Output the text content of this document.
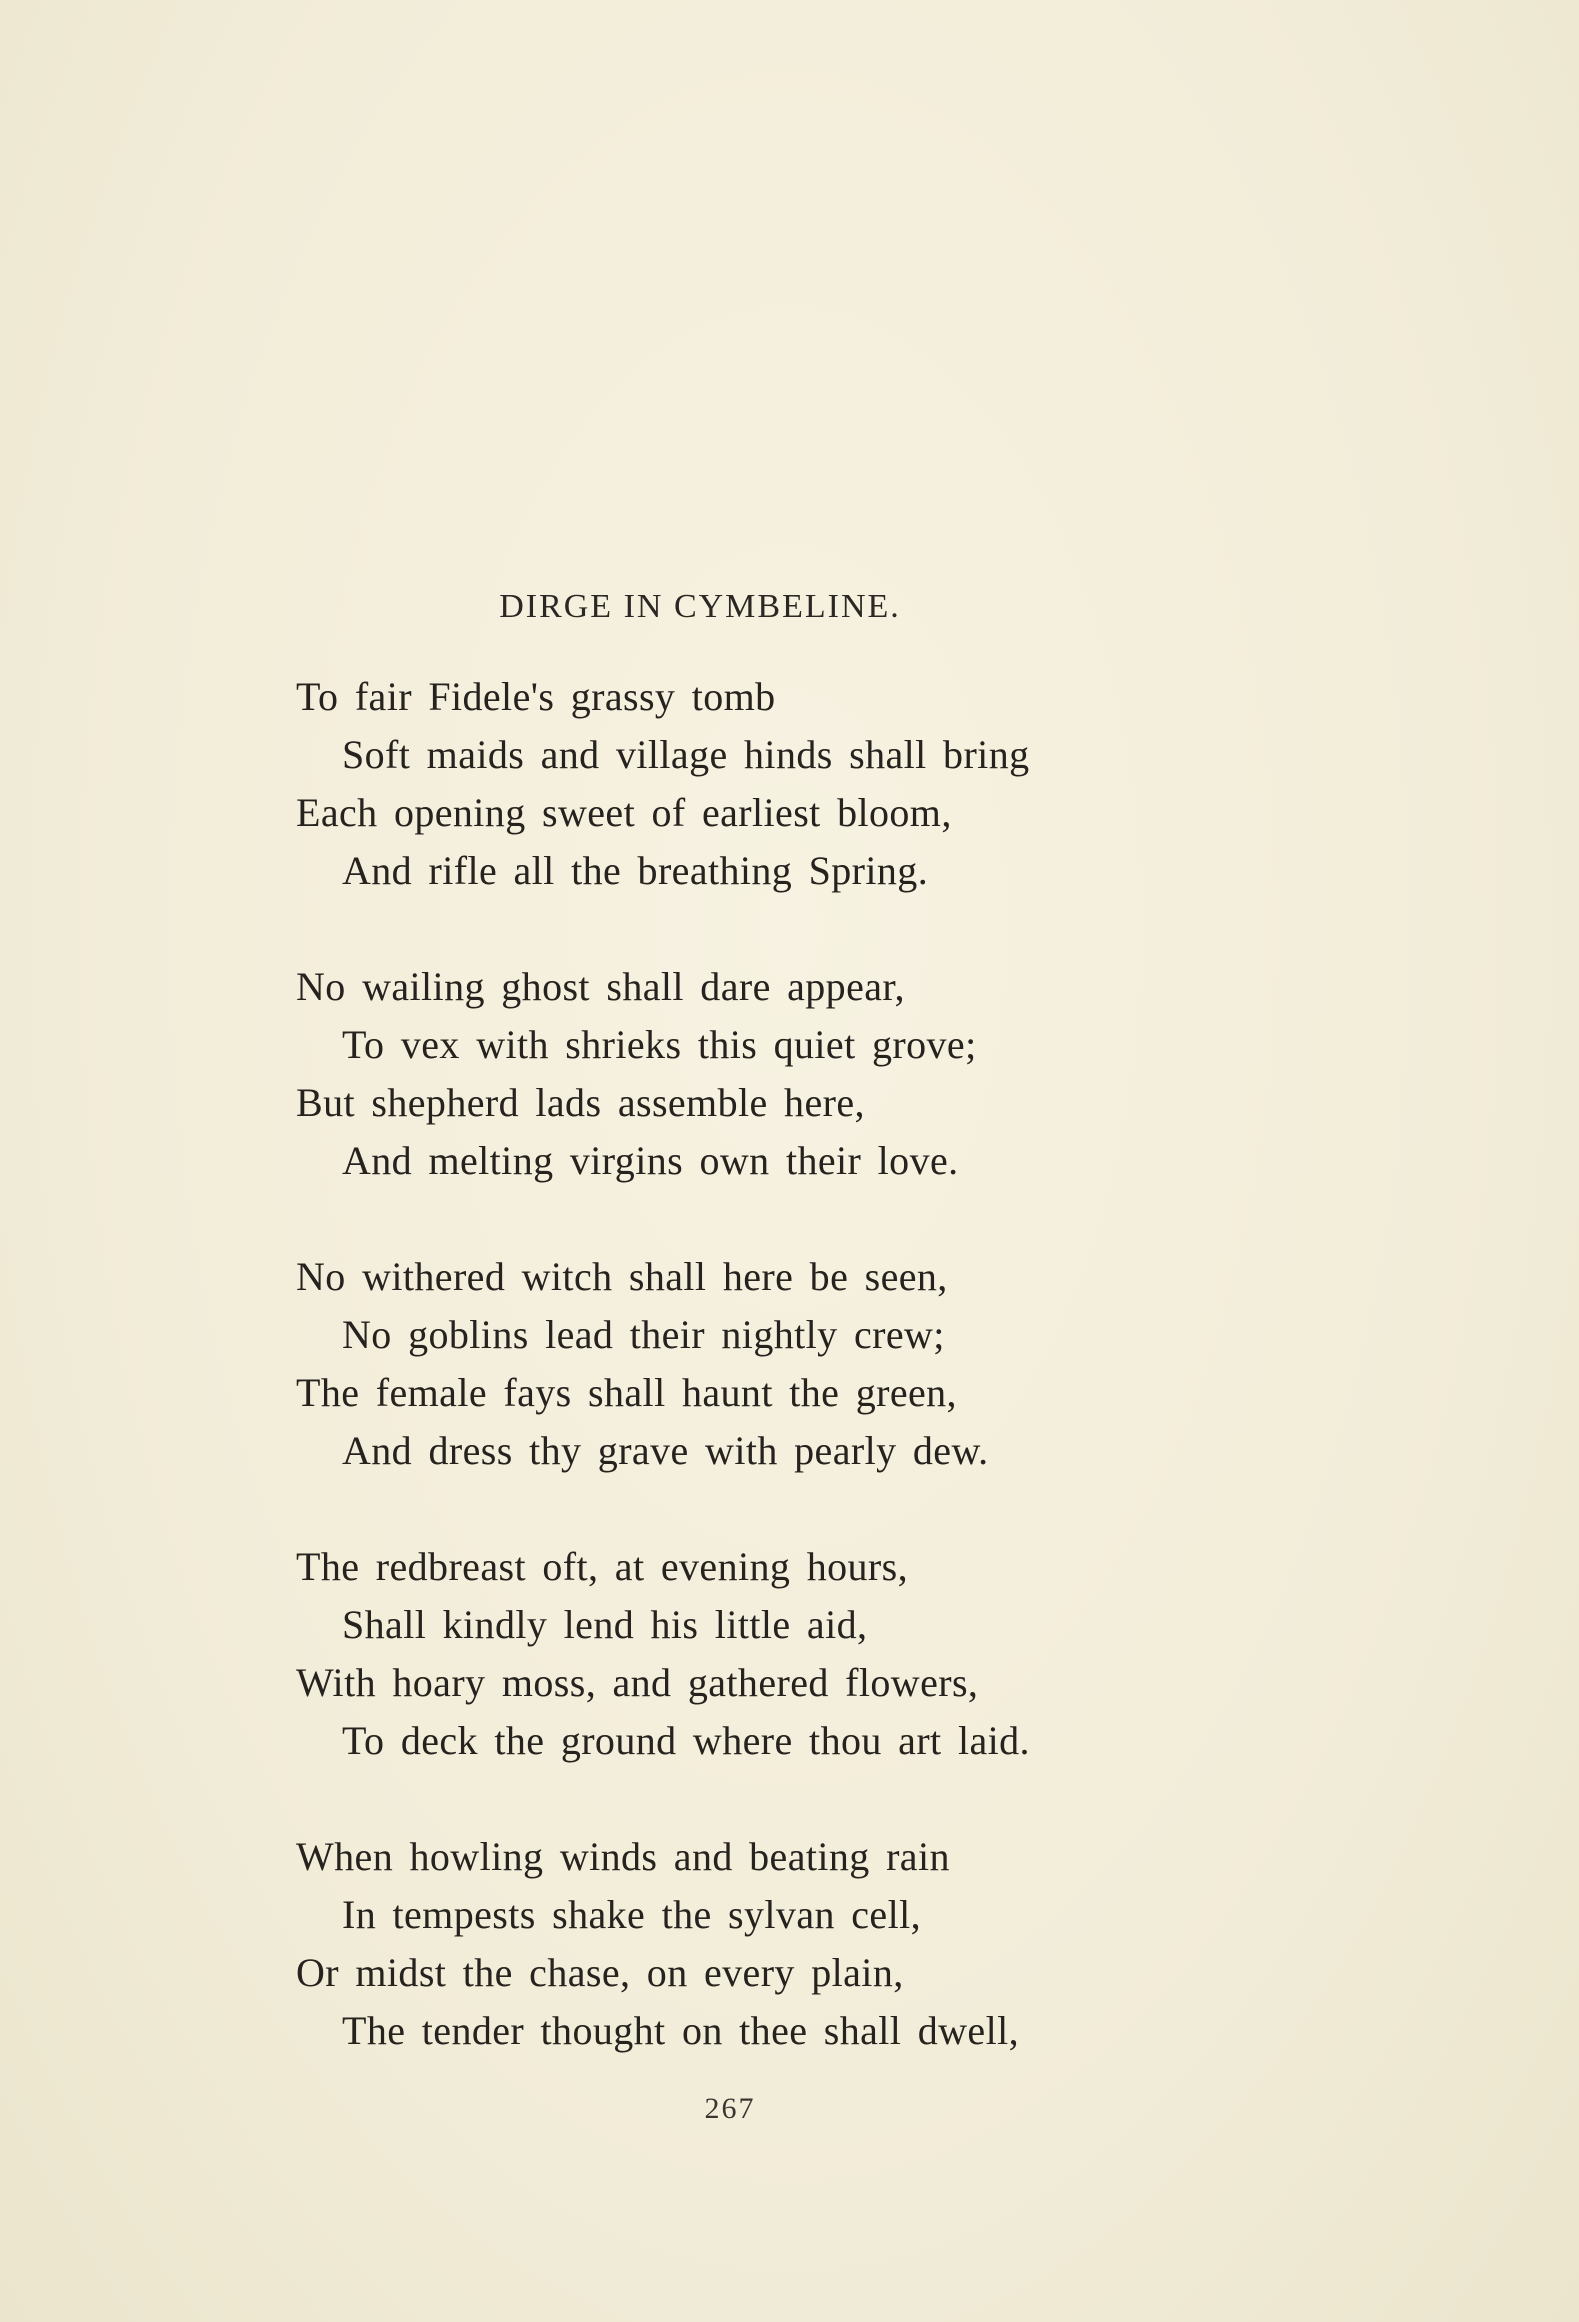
DIRGE IN CYMBELINE.
To fair Fidele's grassy tomb
Soft maids and village hinds shall bring
Each opening sweet of earliest bloom,
And rifle all the breathing Spring.
No wailing ghost shall dare appear,
To vex with shrieks this quiet grove;
But shepherd lads assemble here,
And melting virgins own their love.
No withered witch shall here be seen,
No goblins lead their nightly crew;
The female fays shall haunt the green,
And dress thy grave with pearly dew.
The redbreast oft, at evening hours,
Shall kindly lend his little aid,
With hoary moss, and gathered flowers,
To deck the ground where thou art laid.
When howling winds and beating rain
In tempests shake the sylvan cell,
Or midst the chase, on every plain,
The tender thought on thee shall dwell,
267
